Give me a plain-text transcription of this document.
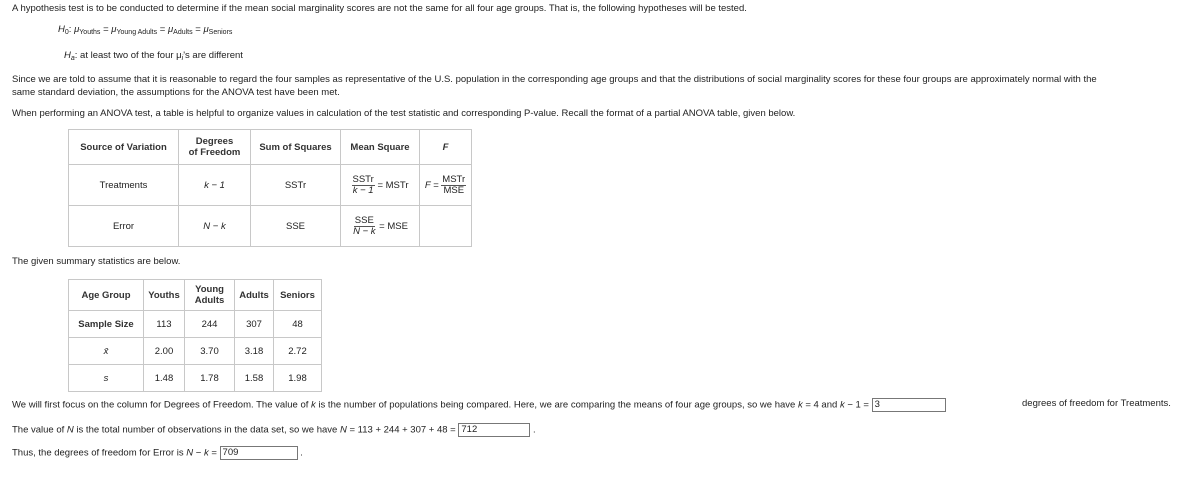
A hypothesis test is to be conducted to determine if the mean social marginality scores are not the same for all four age groups. That is, the following hypotheses will be tested.
$H_0$: $\mu_{Youths} = \mu_{Young Adults} = \mu_{Adults} = \mu_{Seniors}$
$H_a$: at least two of the four $\mu_i's$ are different
Since we are told to assume that it is reasonable to regard the four samples as representative of the U.S. population in the corresponding age groups and that the distributions of social marginality scores for these four groups are approximately normal with the
same standard deviation, the assumptions for the ANOVA test have been met.
When performing an ANOVA test, a table is helpful to organize values in calculation of the test statistic and corresponding P-value. Recall the format of a partial ANOVA table, given below.
Source of Variation	Degrees
of Freedom	Sum of Squares	Mean Square	F
Treatments	k − 1	SSTr	$\frac{\text{SSTr}}{k - 1}$ = MSTr	$F = \frac{\text{MSTr}}{\text{MSE}}$

Error	N − k	SSE	$\frac{\text{SSE}}{N - k}$ = MSE	
The given summary statistics are below.
Age Group	Youths	Young
Adults	Adults	Seniors
Sample Size	113	244	307	48
x̄	2.00	3.70	3.18	2.72
s	1.48	1.78	1.58	1.98
We will first focus on the column for Degrees of Freedom. The value of k is the number of populations being compared. Here, we are comparing the means of four age groups, so we have k = 4 and k − 1 = 3	degrees of freedom for Treatments.
The value of N is the total number of observations in the data set, so we have N = 113 + 244 + 307 + 48 = 712	.
Thus, the degrees of freedom for Error is N − k = 709	.
